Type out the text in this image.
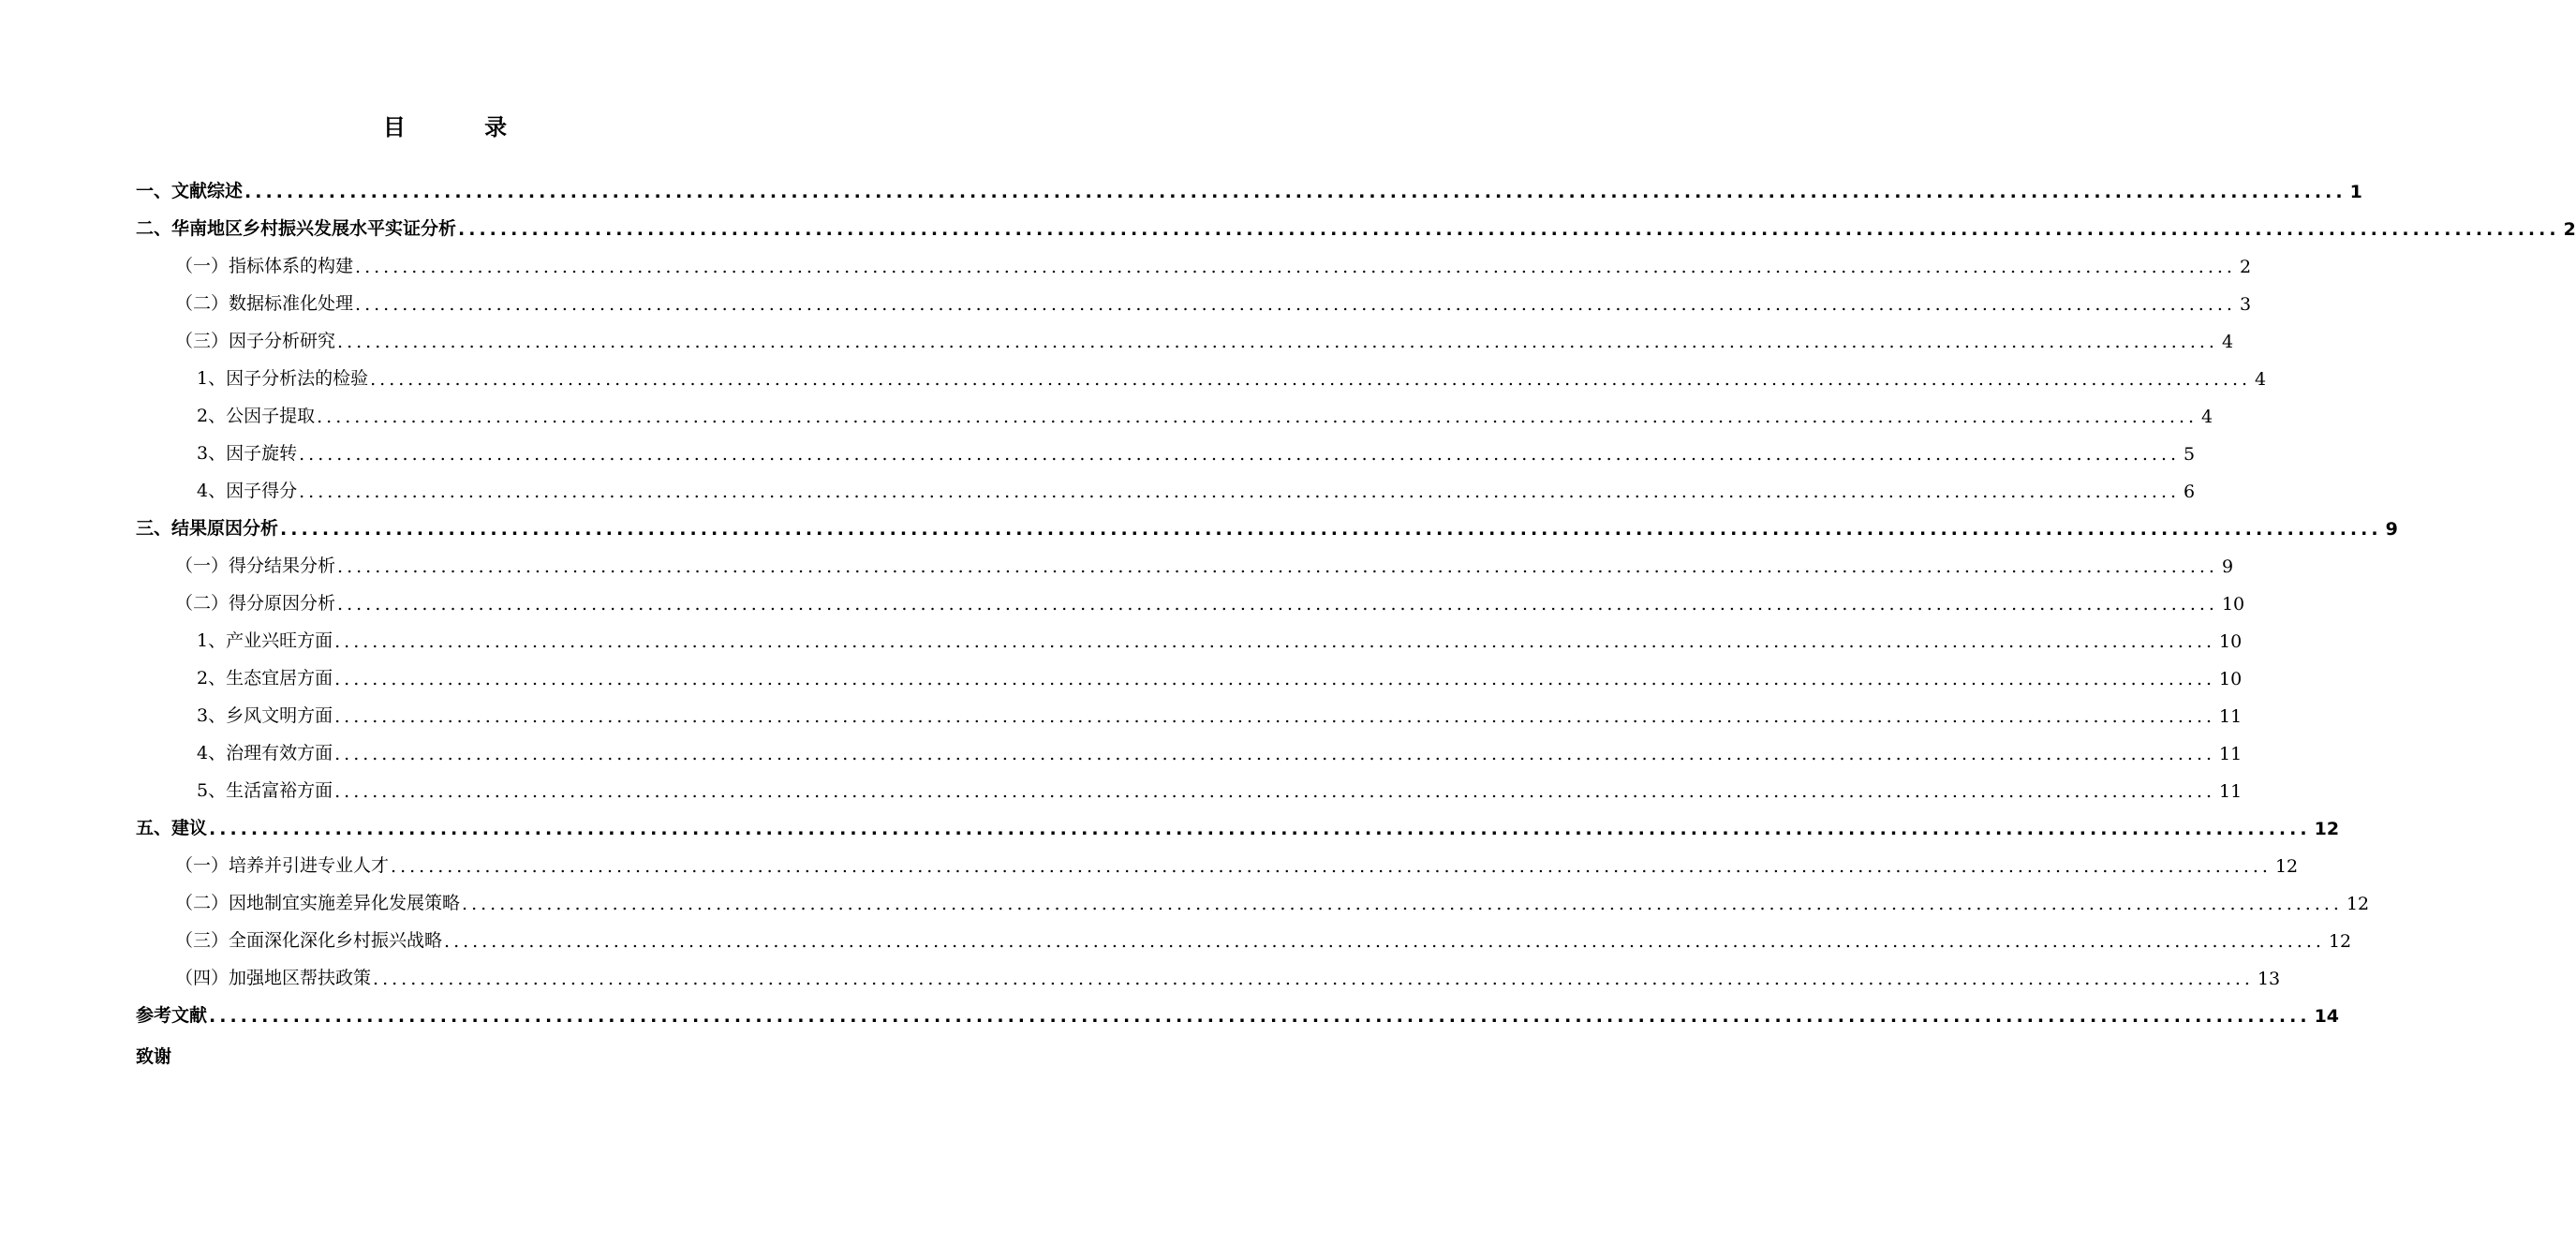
目 录
一、 文献综述 ........................................................................................................................................................................................................ 1
二、 华南地区乡村振兴发展水平实证分析 ........................................................................................................................................................................................................ 2
（一） 指标体系的构建 ........................................................................................................................................................................................................ 2
（二） 数据标准化处理 ........................................................................................................................................................................................................ 3
（三） 因子分析研究 ........................................................................................................................................................................................................ 4
1、 因子分析法的检验 ........................................................................................................................................................................................................ 4
2、 公因子提取 ........................................................................................................................................................................................................ 4
3、 因子旋转 ........................................................................................................................................................................................................ 5
4、 因子得分 ........................................................................................................................................................................................................ 6
三、 结果原因分析 ........................................................................................................................................................................................................ 9
（一） 得分结果分析 ........................................................................................................................................................................................................ 9
（二） 得分原因分析 ........................................................................................................................................................................................................ 10
1、 产业兴旺方面 ........................................................................................................................................................................................................ 10
2、 生态宜居方面 ........................................................................................................................................................................................................ 10
3、 乡风文明方面 ........................................................................................................................................................................................................ 11
4、 治理有效方面 ........................................................................................................................................................................................................ 11
5、 生活富裕方面 ........................................................................................................................................................................................................ 11
五、 建议 ........................................................................................................................................................................................................ 12
（一） 培养并引进专业人才 ........................................................................................................................................................................................................ 12
（二） 因地制宜实施差异化发展策略 ........................................................................................................................................................................................................ 12
（三） 全面深化深化乡村振兴战略 ........................................................................................................................................................................................................ 12
（四） 加强地区帮扶政策 ........................................................................................................................................................................................................ 13
参考文献 ........................................................................................................................................................................................................ 14
致谢
